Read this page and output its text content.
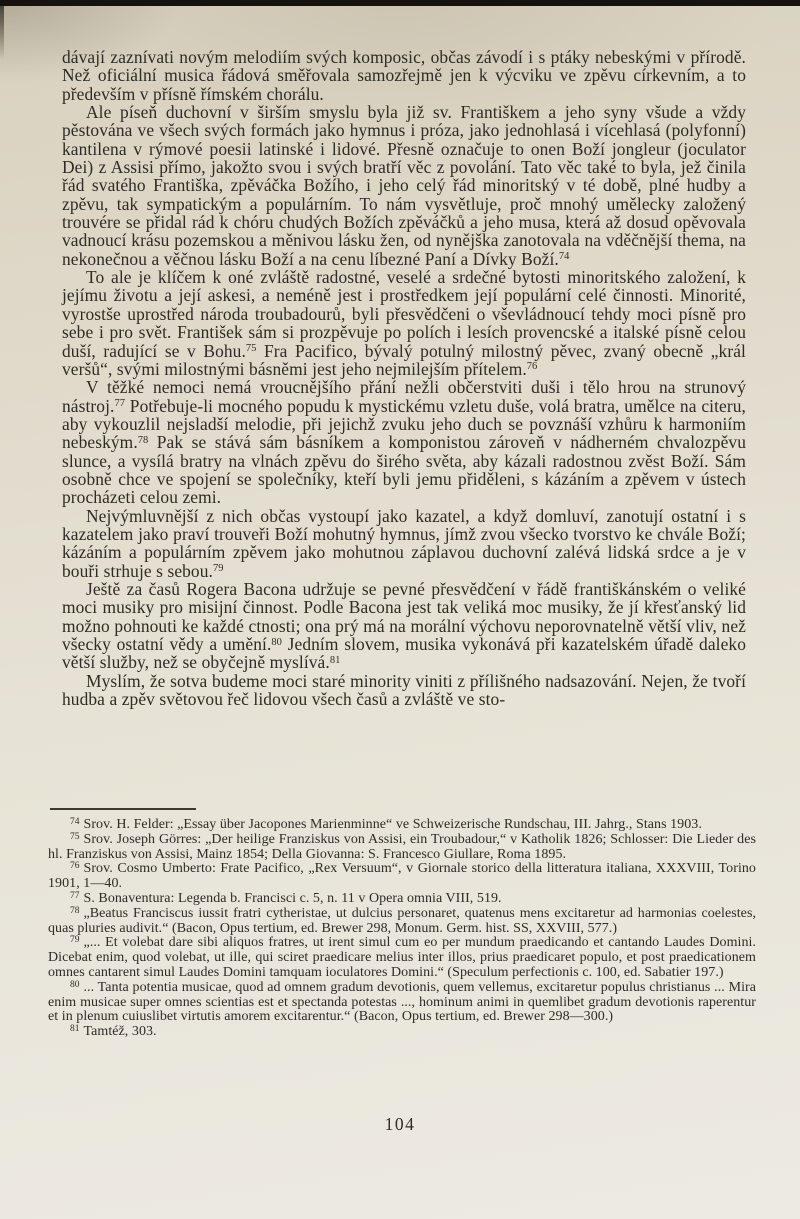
dávají zaznívati novým melodiím svých komposic, občas závodí i s ptáky nebeskými v přírodě. Než oficiální musica řádová směřovala samozřejmě jen k výcviku ve zpěvu církevním, a to především v přísně římském chorálu.

Ale píseň duchovní v širším smyslu byla již sv. Františkem a jeho syny všude a vždy pěstována ve všech svých formách jako hymnus i próza, jako jednohlasá i vícehlasá (polyfonní) kantilena v rýmové poesii latinské i lidové. Přesně označuje to onen Boží jongleur (joculator Dei) z Assisi přímo, jakožto svou i svých bratří věc z povolání. Tato věc také to byla, jež činila řád svatého Františka, zpěváčka Božího, i jeho celý řád minoritský v té době, plné hudby a zpěvu, tak sympatickým a populárním. To nám vysvětluje, proč mnohý umělecky založený trouvére se přidal rád k chóru chudých Božích zpěváčků a jeho musa, která až dosud opěvovala vadnoucí krásu pozemskou a měnivou lásku žen, od nynějška zanotovala na vděčnější thema, na nekonečnou a věčnou lásku Boží a na cenu líbezné Paní a Dívky Boží.$^{74}$

To ale je klíčem k oné zvláště radostné, veselé a srdečné bytosti minoritského založení, k jejímu životu a její askesi, a neméně jest i prostředkem její populární celé činnosti. Minorité, vyrostše uprostřed národa troubadourů, byli přesvědčeni o vševládnoucí tehdy moci písně pro sebe i pro svět. František sám si prozpěvuje po polích i lesích provencské a italské písně celou duší, radující se v Bohu.$^{75}$ Fra Pacifico, bývalý potulný milostný pěvec, zvaný obecně „král veršů“, svými milostnými básněmi jest jeho nejmilejším přítelem.$^{76}$

V těžké nemoci nemá vroucnějšího přání nežli občerstviti duši i tělo hrou na strunový nástroj.$^{77}$ Potřebuje-li mocného popudu k mystickému vzletu duše, volá bratra, umělce na citeru, aby vykouzlil nejsladší melodie, při jejichž zvuku jeho duch se povznáší vzhůru k harmoniím nebeským.$^{78}$ Pak se stává sám básníkem a komponistou zároveň v nádherném chvalozpěvu slunce, a vysílá bratry na vlnách zpěvu do širého světa, aby kázali radostnou zvěst Boží. Sám osobně chce ve spojení se společníky, kteří byli jemu přiděleni, s kázáním a zpěvem v ústech procházeti celou zemi.

Nejvýmluvnější z nich občas vystoupí jako kazatel, a když domluví, zanotují ostatní i s kazatelem jako praví trouveři Boží mohutný hymnus, jímž zvou všecko tvorstvo ke chvále Boží; kázáním a populárním zpěvem jako mohutnou záplavou duchovní zalévá lidská srdce a je v bouři strhuje s sebou.$^{79}$

Ještě za časů Rogera Bacona udržuje se pevné přesvědčení v řádě františkánském o veliké moci musiky pro misijní činnost. Podle Bacona jest tak veliká moc musiky, že jí křesťanský lid možno pohnouti ke každé ctnosti; ona prý má na morální výchovu neporovnatelně větší vliv, než všecky ostatní vědy a umění.$^{80}$ Jedním slovem, musika vykonává při kazatelském úřadě daleko větší služby, než se obyčejně myslívá.$^{81}$

Myslím, že sotva budeme moci staré minority viniti z přílišného nadsazování. Nejen, že tvoří hudba a zpěv světovou řeč lidovou všech časů a zvláště ve sto-

$^{74}$ Srov. H. Felder: „Essay über Jacopones Marienminne“ ve Schweizerische Rundschau, III. Jahrg., Stans 1903.

$^{75}$ Srov. Joseph Görres: „Der heilige Franziskus von Assisi, ein Troubadour,“ v Katholik 1826; Schlosser: Die Lieder des hl. Franziskus von Assisi, Mainz 1854; Della Giovanna: S. Francesco Giullare, Roma 1895.

$^{76}$ Srov. Cosmo Umberto: Frate Pacifico, „Rex Versuum“, v Giornale storico della litteratura italiana, XXXVIII, Torino 1901, 1—40.

$^{77}$ S. Bonaventura: Legenda b. Francisci c. 5, n. 11 v Opera omnia VIII, 519.

$^{78}$ „Beatus Franciscus iussit fratri cytheristae, ut dulcius personaret, quatenus mens excitaretur ad harmonias coelestes, quas pluries audivit.“ (Bacon, Opus tertium, ed. Brewer 298, Monum. Germ. hist. SS, XXVIII, 577.)

$^{79}$ „... Et volebat dare sibi aliquos fratres, ut irent simul cum eo per mundum praedicando et cantando Laudes Domini. Dicebat enim, quod volebat, ut ille, qui sciret praedicare melius inter illos, prius praedicaret populo, et post praedicationem omnes cantarent simul Laudes Domini tamquam ioculatores Domini.“ (Speculum perfectionis c. 100, ed. Sabatier 197.)

$^{80}$ ... Tanta potentia musicae, quod ad omnem gradum devotionis, quem vellemus, excitaretur populus christianus ... Mira enim musicae super omnes scientias est et spectanda potestas ..., hominum animi in quemlibet gradum devotionis raperentur et in plenum cuiuslibet virtutis amorem excitarentur.“ (Bacon, Opus tertium, ed. Brewer 298—300.)

$^{81}$ Tamtéž, 303.

104
